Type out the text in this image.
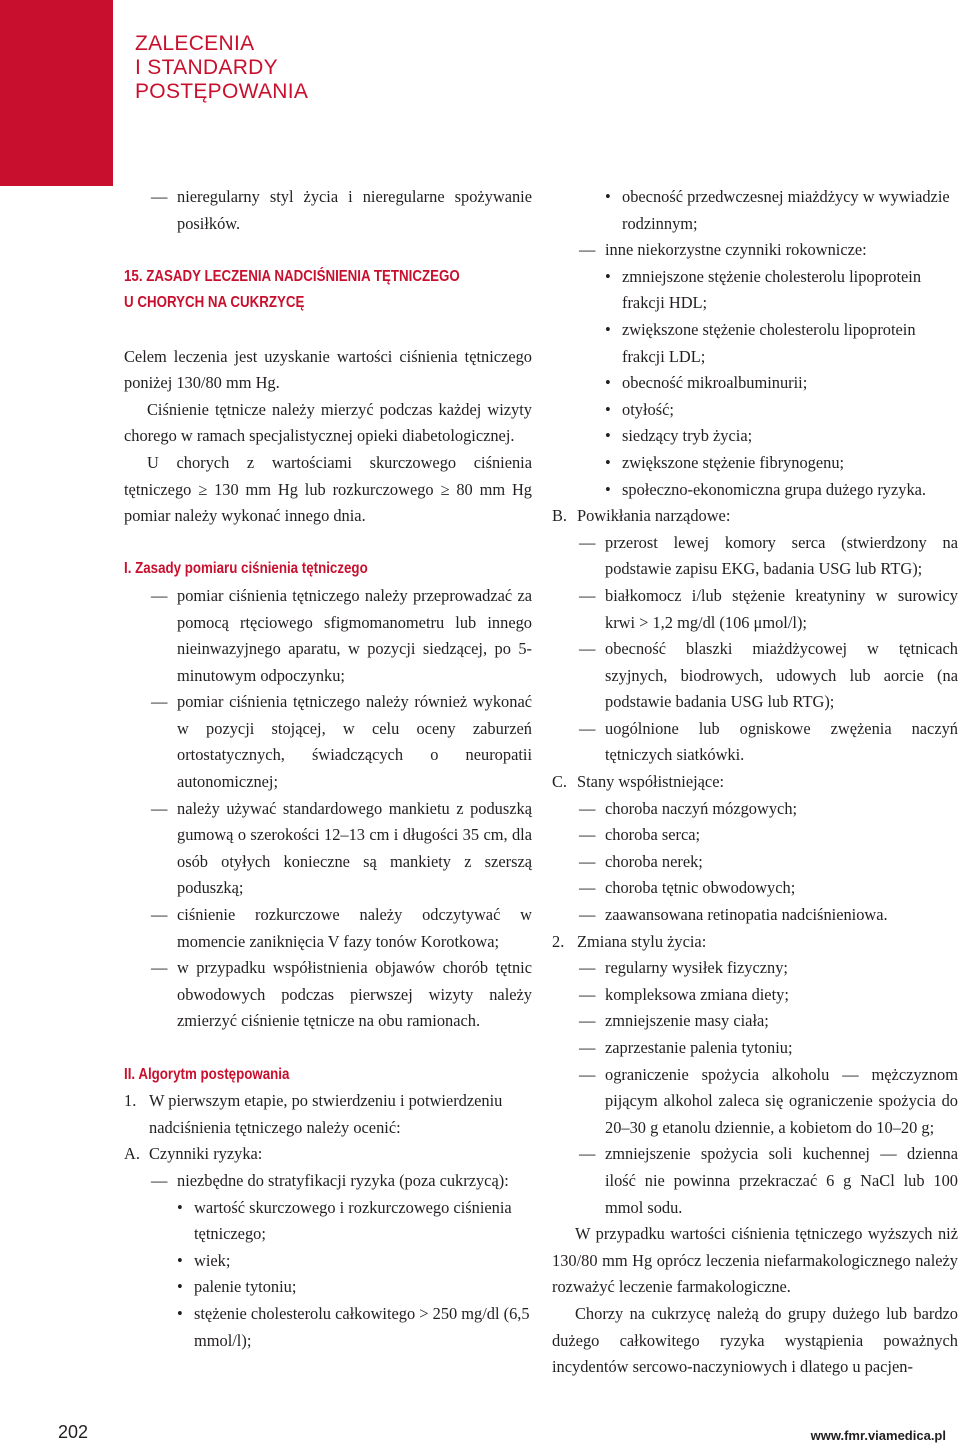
ZALECENIA
I STANDARDY
POSTĘPOWANIA

— nieregularny styl życia i nieregularne spożywanie posiłków.

15. ZASADY LECZENIA NADCIŚNIENIA TĘTNICZEGO
U CHORYCH NA CUKRZYCĘ

Celem leczenia jest uzyskanie wartości ciśnienia tętniczego poniżej 130/80 mm Hg.

Ciśnienie tętnicze należy mierzyć podczas każdej wizyty chorego w ramach specjalistycznej opieki diabetologicznej.

U chorych z wartościami skurczowego ciśnienia tętniczego ≥ 130 mm Hg lub rozkurczowego ≥ 80 mm Hg pomiar należy wykonać innego dnia.

I. Zasady pomiaru ciśnienia tętniczego

— pomiar ciśnienia tętniczego należy przeprowadzać za pomocą rtęciowego sfigmomanometru lub innego nieinwazyjnego aparatu, w pozycji siedzącej, po 5-minutowym odpoczynku;

— pomiar ciśnienia tętniczego należy również wykonać w pozycji stojącej, w celu oceny zaburzeń ortostatycznych, świadczących o neuropatii autonomicznej;

— należy używać standardowego mankietu z poduszką gumową o szerokości 12–13 cm i długości 35 cm, dla osób otyłych konieczne są mankiety z szerszą poduszką;

— ciśnienie rozkurczowe należy odczytywać w momencie zaniknięcia V fazy tonów Korotkowa;

— w przypadku współistnienia objawów chorób tętnic obwodowych podczas pierwszej wizyty należy zmierzyć ciśnienie tętnicze na obu ramionach.

II. Algorytm postępowania

1. W pierwszym etapie, po stwierdzeniu i potwierdzeniu nadciśnienia tętniczego należy ocenić:

A. Czynniki ryzyka:

— niezbędne do stratyfikacji ryzyka (poza cukrzycą):

• wartość skurczowego i rozkurczowego ciśnienia tętniczego;

• wiek;

• palenie tytoniu;

• stężenie cholesterolu całkowitego > 250 mg/dl (6,5 mmol/l);

• obecność przedwczesnej miażdżycy w wywiadzie rodzinnym;

— inne niekorzystne czynniki rokownicze:

• zmniejszone stężenie cholesterolu lipoprotein frakcji HDL;

• zwiększone stężenie cholesterolu lipoprotein frakcji LDL;

• obecność mikroalbuminurii;

• otyłość;

• siedzący tryb życia;

• zwiększone stężenie fibrynogenu;

• społeczno-ekonomiczna grupa dużego ryzyka.

B. Powikłania narządowe:

— przerost lewej komory serca (stwierdzony na podstawie zapisu EKG, badania USG lub RTG);

— białkomocz i/lub stężenie kreatyniny w surowicy krwi > 1,2 mg/dl (106 μmol/l);

— obecność blaszki miażdżycowej w tętnicach szyjnych, biodrowych, udowych lub aorcie (na podstawie badania USG lub RTG);

— uogólnione lub ogniskowe zwężenia naczyń tętniczych siatkówki.

C. Stany współistniejące:

— choroba naczyń mózgowych;

— choroba serca;

— choroba nerek;

— choroba tętnic obwodowych;

— zaawansowana retinopatia nadciśnieniowa.

2. Zmiana stylu życia:

— regularny wysiłek fizyczny;

— kompleksowa zmiana diety;

— zmniejszenie masy ciała;

— zaprzestanie palenia tytoniu;

— ograniczenie spożycia alkoholu — mężczyznom pijącym alkohol zaleca się ograniczenie spożycia do 20–30 g etanolu dziennie, a kobietom do 10–20 g;

— zmniejszenie spożycia soli kuchennej — dzienna ilość nie powinna przekraczać 6 g NaCl lub 100 mmol sodu.

W przypadku wartości ciśnienia tętniczego wyższych niż 130/80 mm Hg oprócz leczenia niefarmakologicznego należy rozważyć leczenie farmakologiczne.

Chorzy na cukrzycę należą do grupy dużego lub bardzo dużego całkowitego ryzyka wystąpienia poważnych incydentów sercowo-naczyniowych i dlatego u pacjen-

202	www.fmr.viamedica.pl
